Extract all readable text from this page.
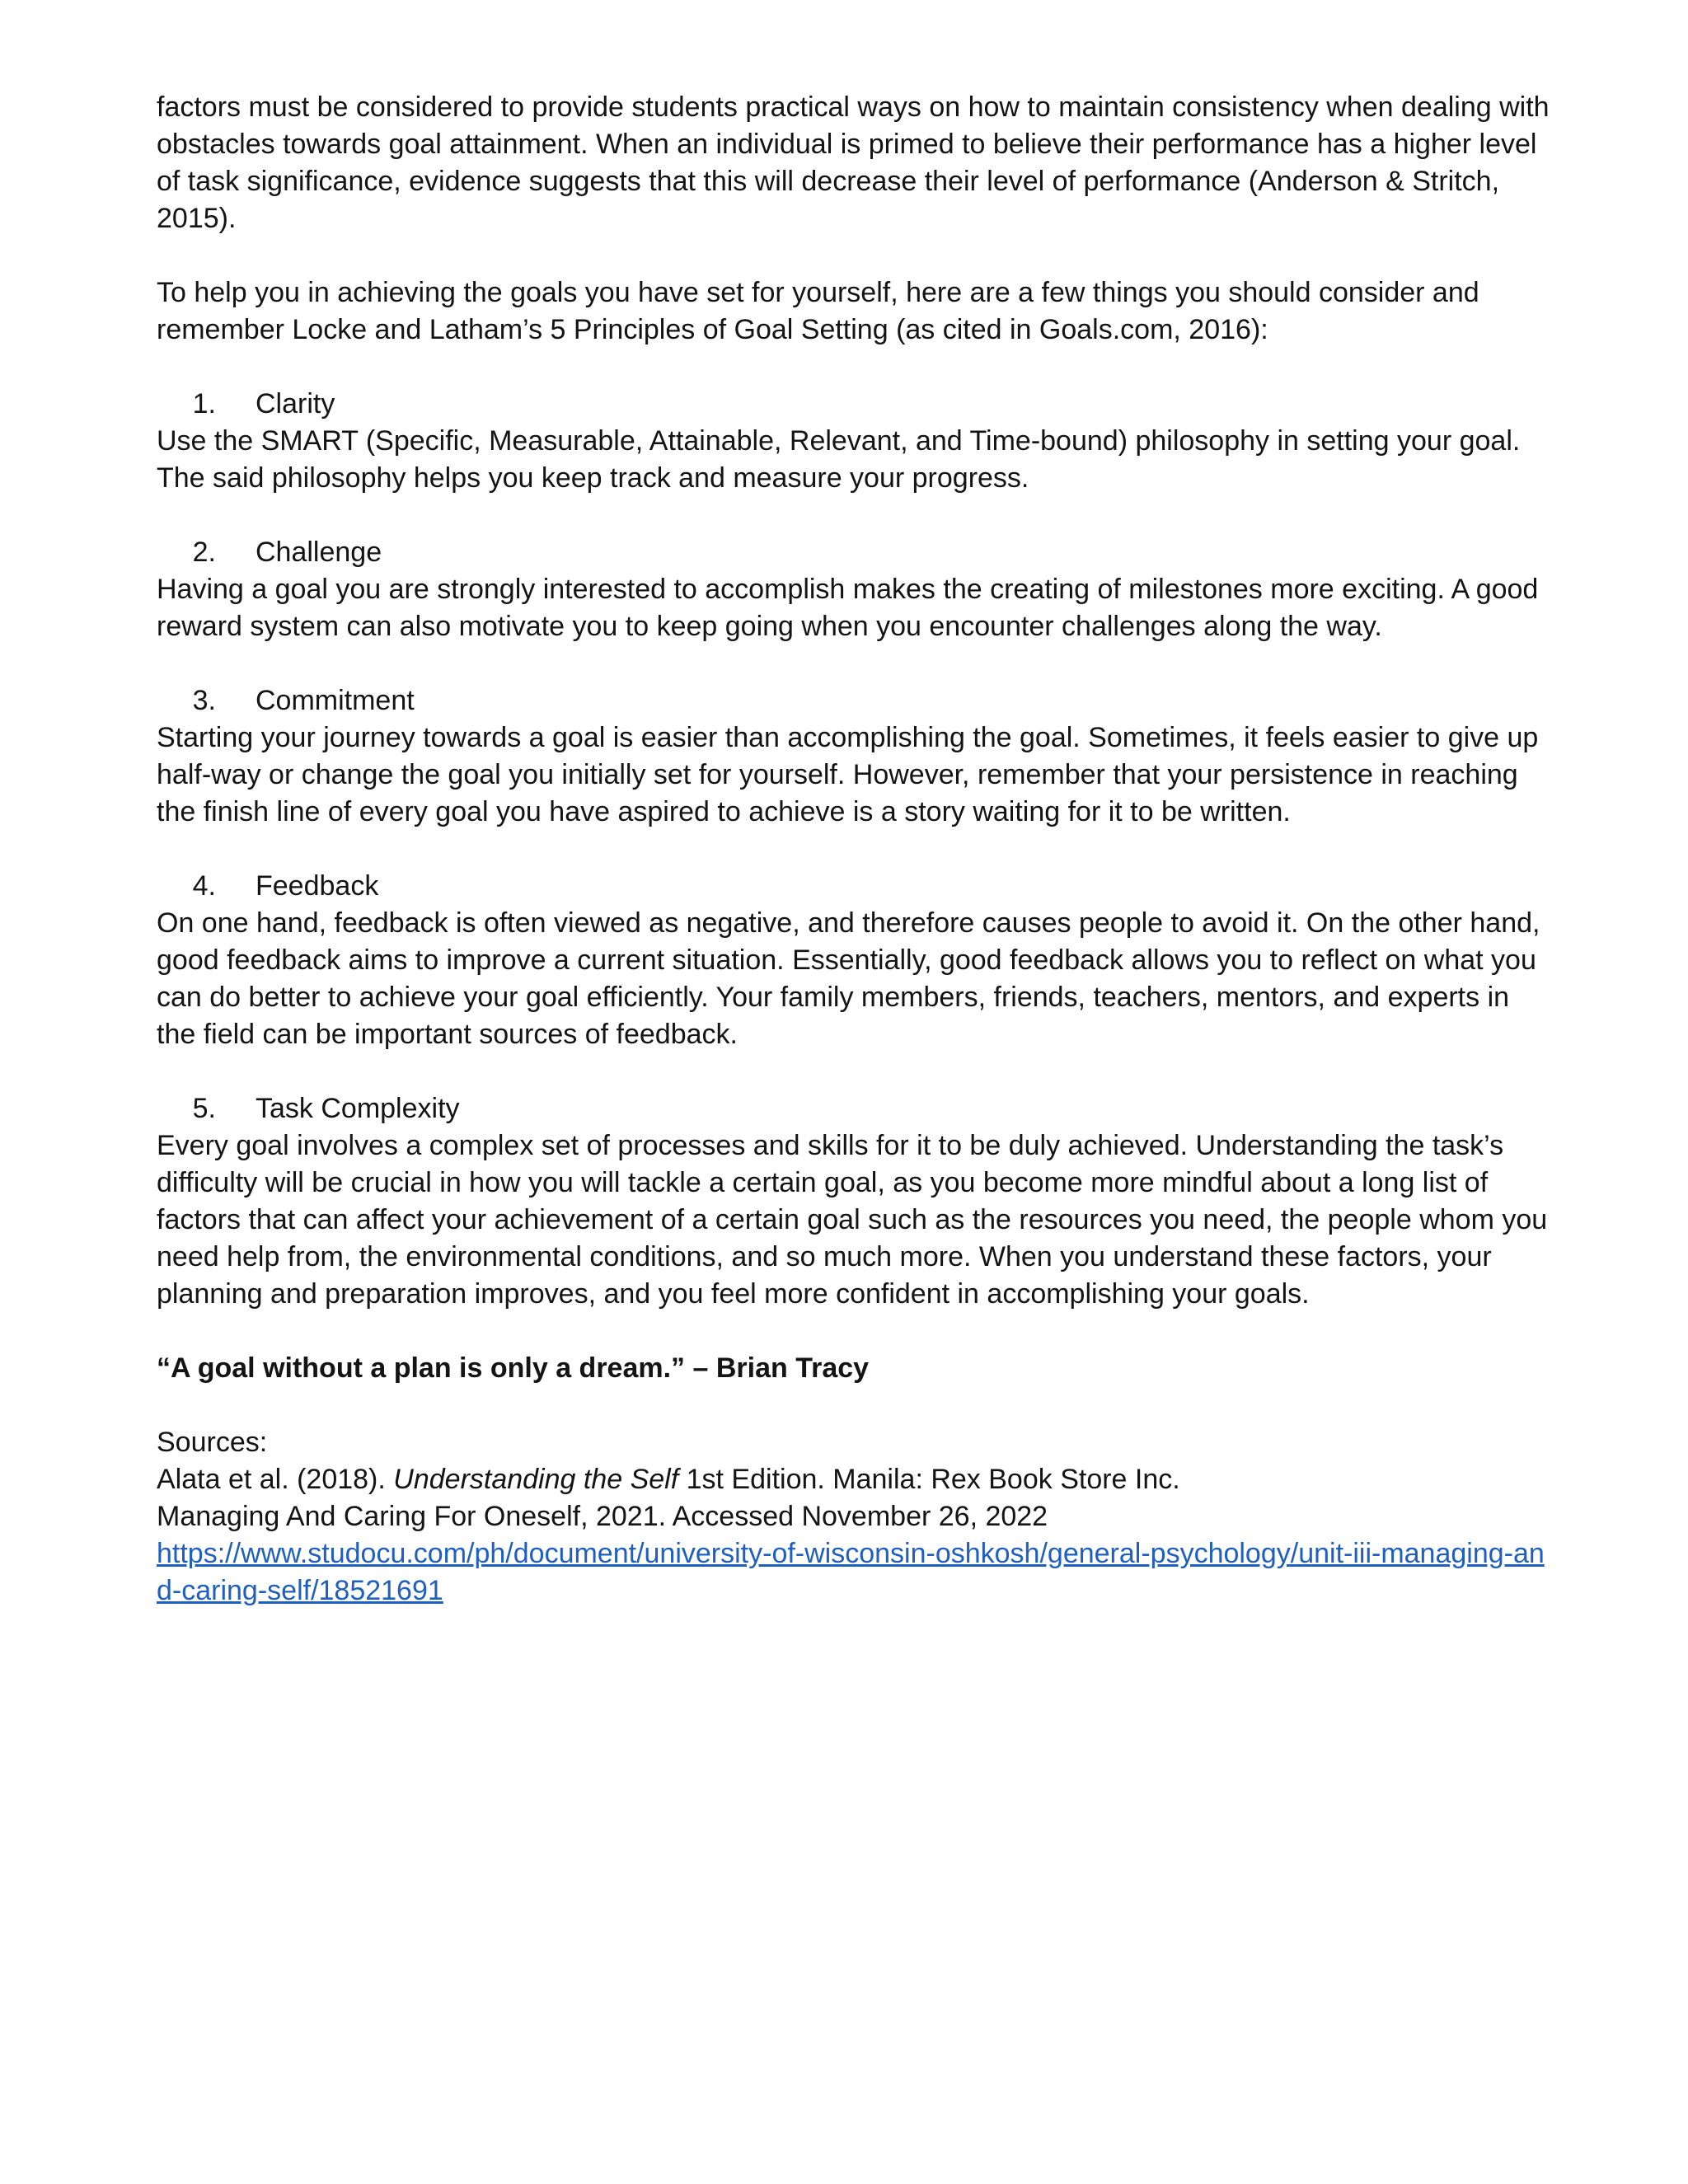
factors must be considered to provide students practical ways on how to maintain consistency when dealing with obstacles towards goal attainment. When an individual is primed to believe their performance has a higher level of task significance, evidence suggests that this will decrease their level of performance (Anderson & Stritch, 2015).

To help you in achieving the goals you have set for yourself, here are a few things you should consider and remember Locke and Latham’s 5 Principles of Goal Setting (as cited in Goals.com, 2016):

1. Clarity

Use the SMART (Specific, Measurable, Attainable, Relevant, and Time-bound) philosophy in setting your goal. The said philosophy helps you keep track and measure your progress.

2. Challenge

Having a goal you are strongly interested to accomplish makes the creating of milestones more exciting. A good reward system can also motivate you to keep going when you encounter challenges along the way.

3. Commitment

Starting your journey towards a goal is easier than accomplishing the goal. Sometimes, it feels easier to give up half-way or change the goal you initially set for yourself. However, remember that your persistence in reaching the finish line of every goal you have aspired to achieve is a story waiting for it to be written.

4. Feedback

On one hand, feedback is often viewed as negative, and therefore causes people to avoid it. On the other hand, good feedback aims to improve a current situation. Essentially, good feedback allows you to reflect on what you can do better to achieve your goal efficiently. Your family members, friends, teachers, mentors, and experts in the field can be important sources of feedback.

5. Task Complexity

Every goal involves a complex set of processes and skills for it to be duly achieved. Understanding the task’s difficulty will be crucial in how you will tackle a certain goal, as you become more mindful about a long list of factors that can affect your achievement of a certain goal such as the resources you need, the people whom you need help from, the environmental conditions, and so much more. When you understand these factors, your planning and preparation improves, and you feel more confident in accomplishing your goals.

“A goal without a plan is only a dream.” – Brian Tracy

Sources:

Alata et al. (2018). Understanding the Self 1st Edition. Manila: Rex Book Store Inc.

Managing And Caring For Oneself, 2021. Accessed November 26, 2022

https://www.studocu.com/ph/document/university-of-wisconsin-oshkosh/general-psychology/unit-iii-managing-and-caring-self/18521691
